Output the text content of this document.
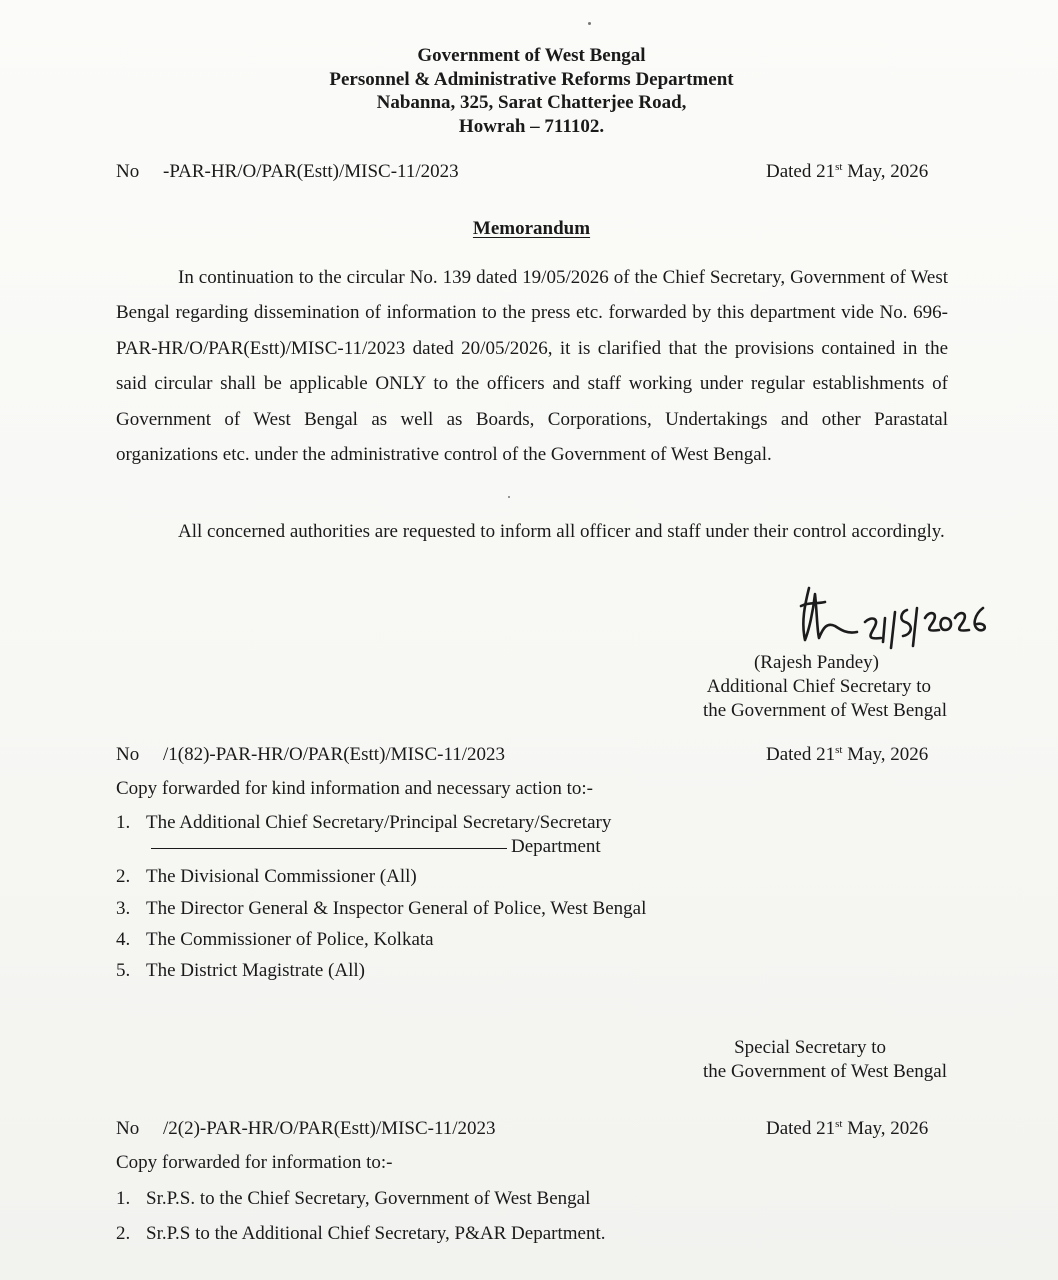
Government of West Bengal
Personnel & Administrative Reforms Department
Nabanna, 325, Sarat Chatterjee Road,
Howrah – 711102.
No -PAR-HR/O/PAR(Estt)/MISC-11/2023	Dated 21st May, 2026
Memorandum
In continuation to the circular No. 139 dated 19/05/2026 of the Chief Secretary, Government of West Bengal regarding dissemination of information to the press etc. forwarded by this department vide No. 696- PAR-HR/O/PAR(Estt)/MISC-11/2023 dated 20/05/2026, it is clarified that the provisions contained in the said circular shall be applicable ONLY to the officers and staff working under regular establishments of Government of West Bengal as well as Boards, Corporations, Undertakings and other Parastatal organizations etc. under the administrative control of the Government of West Bengal.
All concerned authorities are requested to inform all officer and staff under their control accordingly.
(Rajesh Pandey)
Additional Chief Secretary to
the Government of West Bengal
No /1(82)-PAR-HR/O/PAR(Estt)/MISC-11/2023	Dated 21st May, 2026
Copy forwarded for kind information and necessary action to:-
1. The Additional Chief Secretary/Principal Secretary/Secretary
Department
2. The Divisional Commissioner (All)
3. The Director General & Inspector General of Police, West Bengal
4. The Commissioner of Police, Kolkata
5. The District Magistrate (All)
Special Secretary to
the Government of West Bengal
No /2(2)-PAR-HR/O/PAR(Estt)/MISC-11/2023	Dated 21st May, 2026
Copy forwarded for information to:-
1. Sr.P.S. to the Chief Secretary, Government of West Bengal
2. Sr.P.S to the Additional Chief Secretary, P&AR Department.
